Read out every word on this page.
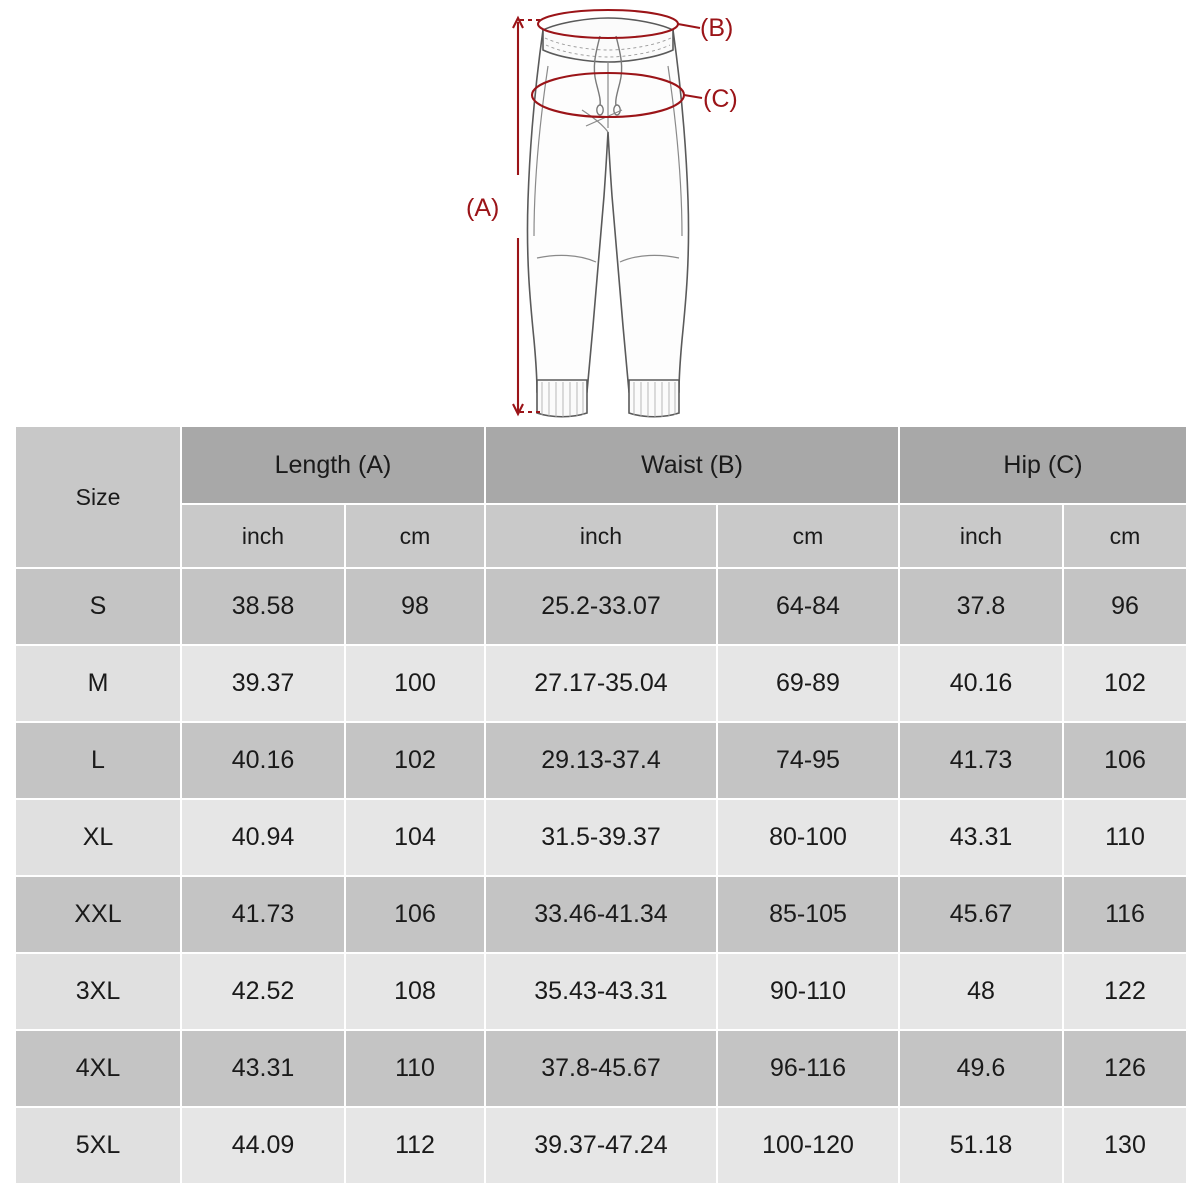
(B)
(C)
(A)
Size	Length (A)		Waist (B)		Hip (C)	
	inch	cm	inch	cm	inch	cm
S	38.58	98	25.2-33.07	64-84	37.8	96
M	39.37	100	27.17-35.04	69-89	40.16	102
L	40.16	102	29.13-37.4	74-95	41.73	106
XL	40.94	104	31.5-39.37	80-100	43.31	110
XXL	41.73	106	33.46-41.34	85-105	45.67	116
3XL	42.52	108	35.43-43.31	90-110	48	122
4XL	43.31	110	37.8-45.67	96-116	49.6	126
5XL	44.09	112	39.37-47.24	100-120	51.18	130
